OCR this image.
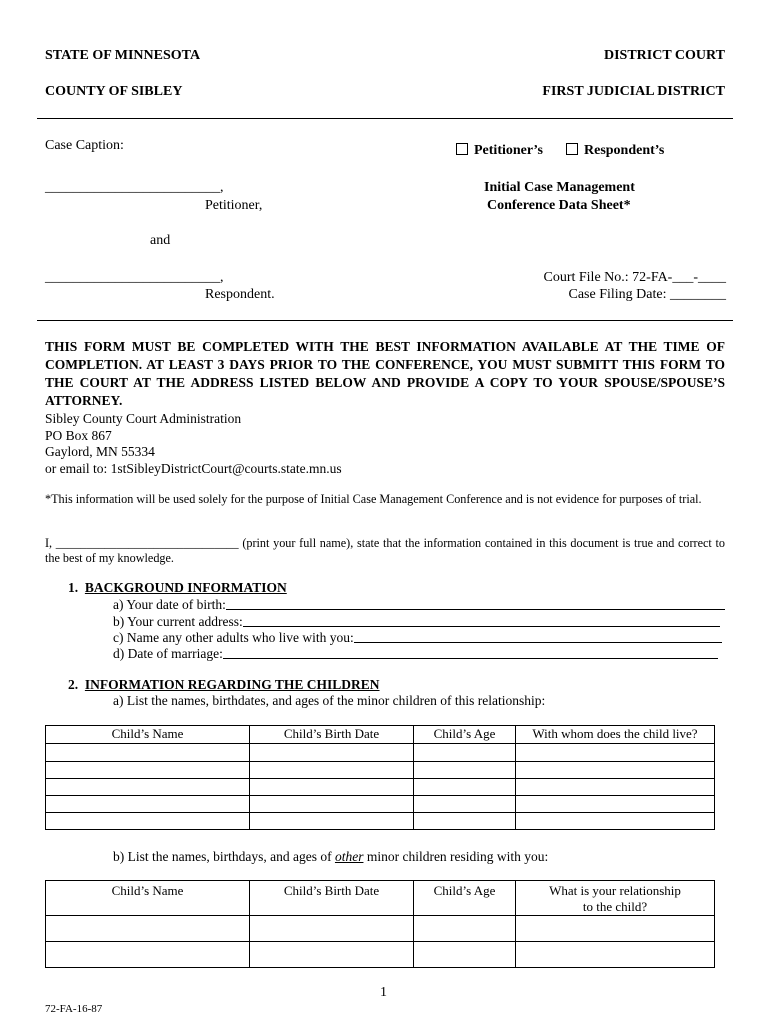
STATE OF MINNESOTA	DISTRICT COURT
COUNTY OF SIBLEY	FIRST JUDICIAL DISTRICT
Case Caption:	Petitioner’s	Respondent’s
_________________________,
Petitioner,
Initial Case Management
Conference Data Sheet*
and
_________________________,
Respondent.
Court File No.: 72-FA-___-____
Case Filing Date: ________
THIS FORM MUST BE COMPLETED WITH THE BEST INFORMATION AVAILABLE AT THE TIME OF COMPLETION. AT LEAST 3 DAYS PRIOR TO THE CONFERENCE, YOU MUST SUBMITT THIS FORM TO THE COURT AT THE ADDRESS LISTED BELOW AND PROVIDE A COPY TO YOUR SPOUSE/SPOUSE’S ATTORNEY.
Sibley County Court Administration
PO Box 867
Gaylord, MN 55334
or email to: 1stSibleyDistrictCourt@courts.state.mn.us
*This information will be used solely for the purpose of Initial Case Management Conference and is not evidence for purposes of trial.
I, ______________________________ (print your full name), state that the information contained in this document is true and correct to the best of my knowledge.
1. BACKGROUND INFORMATION
a) Your date of birth:
b) Your current address:
c) Name any other adults who live with you:
d) Date of marriage:
2. INFORMATION REGARDING THE CHILDREN
a) List the names, birthdates, and ages of the minor children of this relationship:
Child’s Name	Child’s Birth Date	Child’s Age	With whom does the child live?

b) List the names, birthdays, and ages of other minor children residing with you:
Child’s Name	Child’s Birth Date	Child’s Age	What is your relationship
to the child?

1
72-FA-16-87
